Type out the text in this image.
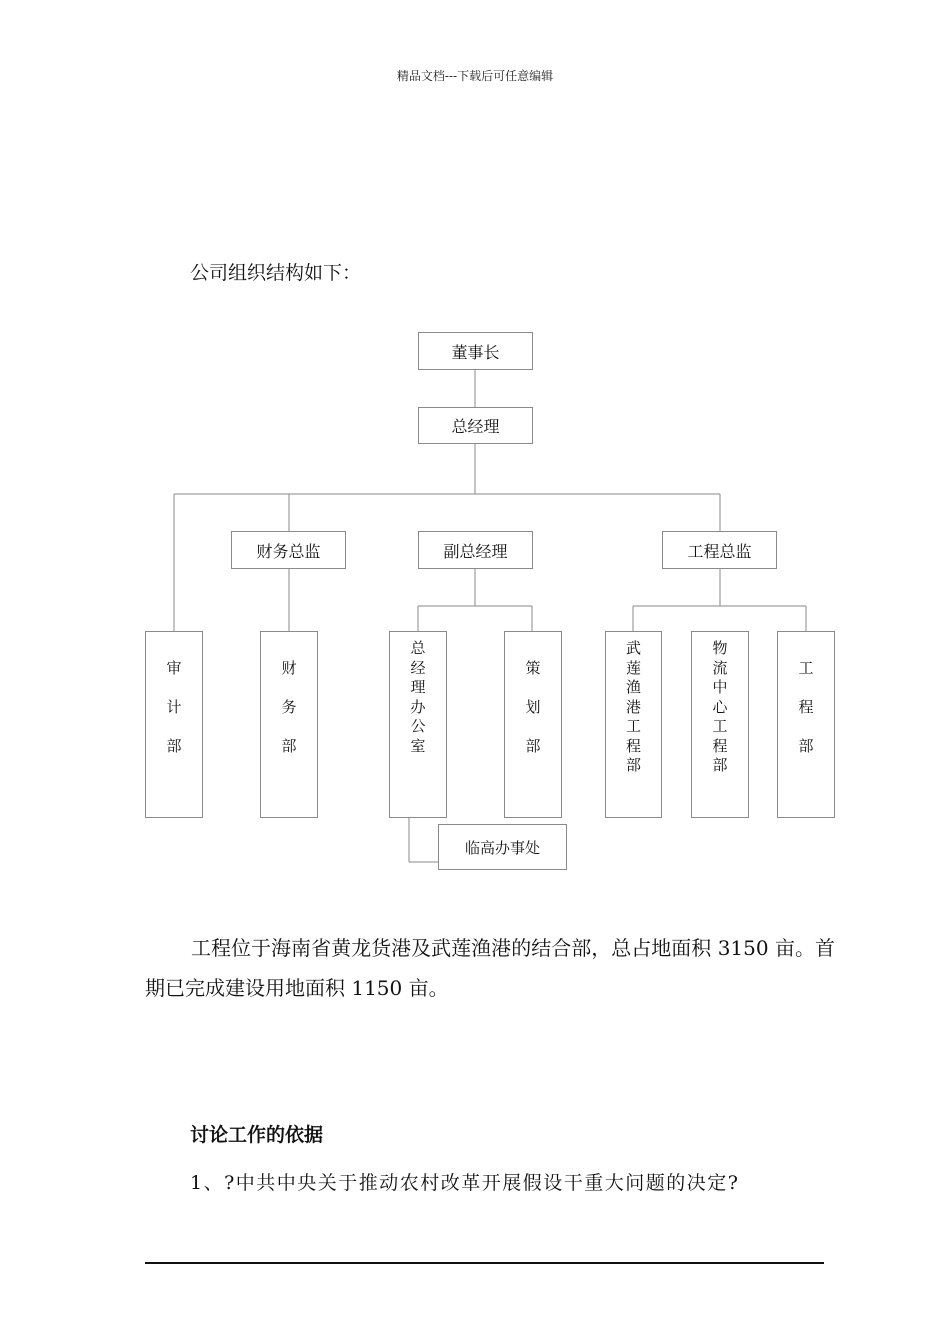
精品文档---下载后可任意编辑
公司组织结构如下：
董事长
总经理
财务总监	副总经理	工程总监
审
计
部
财
务
部
总
经
理
办
公
室
策
划
部
武
莲
渔
港
工
程
部
物
流
中
心
工
程
部
工
程
部
临高办事处
工程位于海南省黄龙货港及武莲渔港的结合部，总占地面积 3150 亩。首期已完成建设用地面积 1150 亩。
讨论工作的依据
1、?中共中央关于推动农村改革开展假设干重大问题的决定?
